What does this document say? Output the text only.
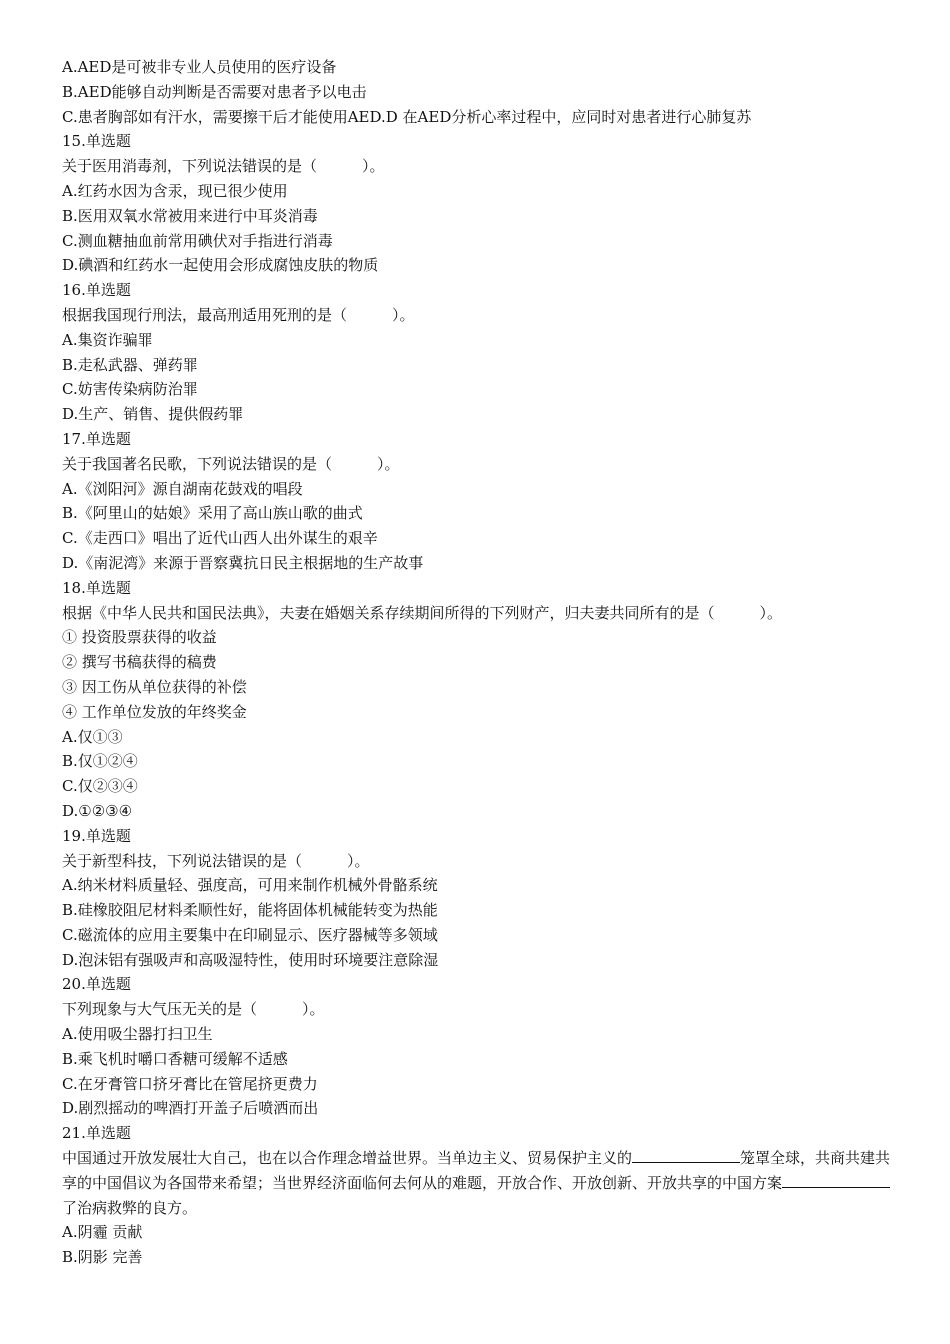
A.AED是可被非专业人员使用的医疗设备
B.AED能够自动判断是否需要对患者予以电击
C.患者胸部如有汗水，需要擦干后才能使用AED.D 在AED分析心率过程中，应同时对患者进行心肺复苏
15.单选题
关于医用消毒剂，下列说法错误的是（　　　）。
A.红药水因为含汞，现已很少使用
B.医用双氧水常被用来进行中耳炎消毒
C.测血糖抽血前常用碘伏对手指进行消毒
D.碘酒和红药水一起使用会形成腐蚀皮肤的物质
16.单选题
根据我国现行刑法，最高刑适用死刑的是（　　　）。
A.集资诈骗罪
B.走私武器、弹药罪
C.妨害传染病防治罪
D.生产、销售、提供假药罪
17.单选题
关于我国著名民歌，下列说法错误的是（　　　）。
A.《浏阳河》源自湖南花鼓戏的唱段
B.《阿里山的姑娘》采用了高山族山歌的曲式
C.《走西口》唱出了近代山西人出外谋生的艰辛
D.《南泥湾》来源于晋察冀抗日民主根据地的生产故事
18.单选题
根据《中华人民共和国民法典》，夫妻在婚姻关系存续期间所得的下列财产，归夫妻共同所有的是（　　　）。
① 投资股票获得的收益
② 撰写书稿获得的稿费
③ 因工伤从单位获得的补偿
④ 工作单位发放的年终奖金
A.仅①③
B.仅①②④
C.仅②③④
D.①②③④
19.单选题
关于新型科技，下列说法错误的是（　　　）。
A.纳米材料质量轻、强度高，可用来制作机械外骨骼系统
B.硅橡胶阻尼材料柔顺性好，能将固体机械能转变为热能
C.磁流体的应用主要集中在印刷显示、医疗器械等多领域
D.泡沫铝有强吸声和高吸湿特性，使用时环境要注意除湿
20.单选题
下列现象与大气压无关的是（　　　）。
A.使用吸尘器打扫卫生
B.乘飞机时嚼口香糖可缓解不适感
C.在牙膏管口挤牙膏比在管尾挤更费力
D.剧烈摇动的啤酒打开盖子后喷洒而出
21.单选题
中国通过开放发展壮大自己，也在以合作理念增益世界。当单边主义、贸易保护主义的	笼罩全球，共商共建共享的中国倡议为各国带来希望；当世界经济面临何去何从的难题，开放合作、开放创新、开放共享的中国方案了治病救弊的良方。
A.阴霾 贡献
B.阴影 完善
